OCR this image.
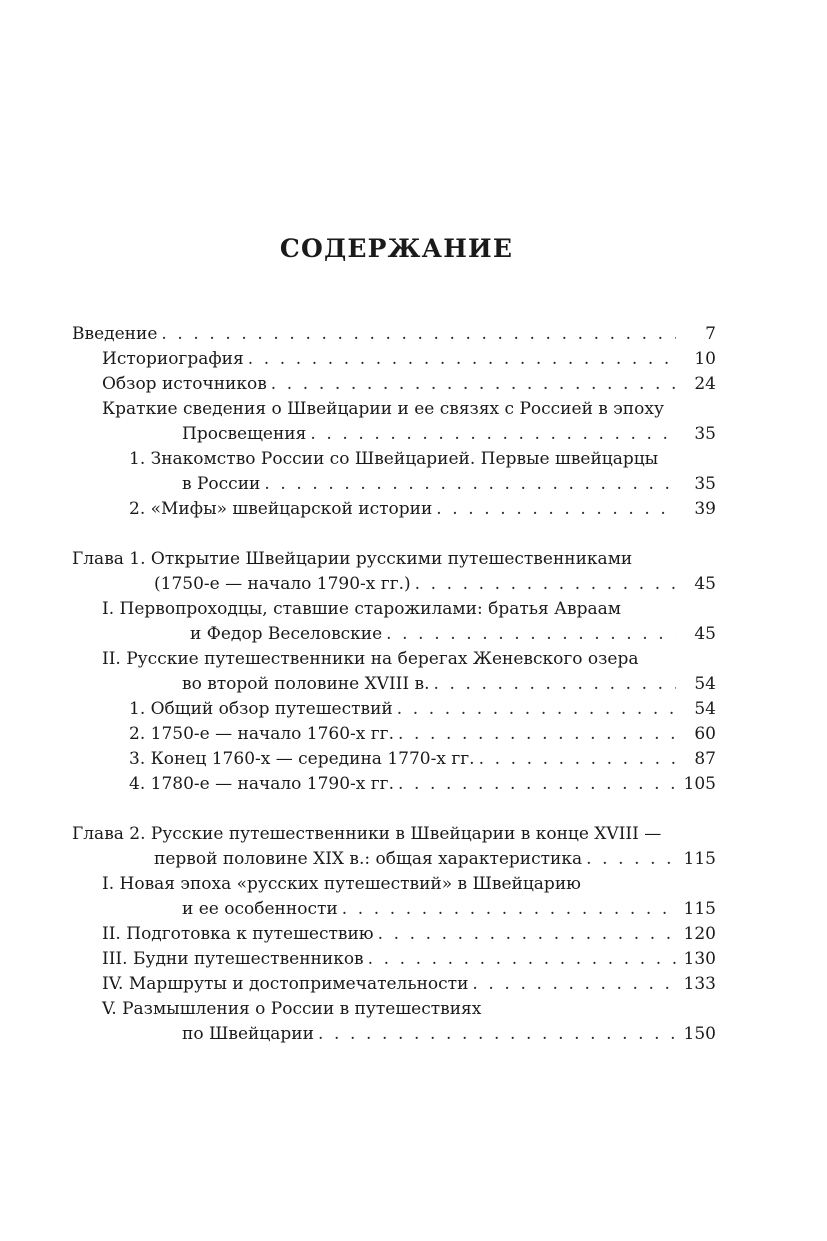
СОДЕРЖАНИЕ
Введение . . .	7
Историография . . .	10
Обзор источников . . .	24
Краткие сведения о Швейцарии и ее связях с Россией в эпоху
Просвещения . . .	35
1. Знакомство России со Швейцарией. Первые швейцарцы
в России . . .	35
2. «Мифы» швейцарской истории . . .	39
Глава 1. Открытие Швейцарии русскими путешественниками
(1750-е — начало 1790-х гг.) . . .	45
I. Первопроходцы, ставшие старожилами: братья Авраам
и Федор Веселовские . . .	45
II. Русские путешественники на берегах Женевского озера
во второй половине XVIII в. . . .	54
1. Общий обзор путешествий . . .	54
2. 1750-е — начало 1760-х гг. . . .	60
3. Конец 1760-х — середина 1770-х гг. . . .	87
4. 1780-е — начало 1790-х гг. . . .	105
Глава 2. Русские путешественники в Швейцарии в конце XVIII —
первой половине XIX в.: общая характеристика . . .	115
I. Новая эпоха «русских путешествий» в Швейцарию
и ее особенности . . .	115
II. Подготовка к путешествию . . .	120
III. Будни путешественников . . .	130
IV. Маршруты и достопримечательности . . .	133
V. Размышления о России в путешествиях
по Швейцарии . . .	150
